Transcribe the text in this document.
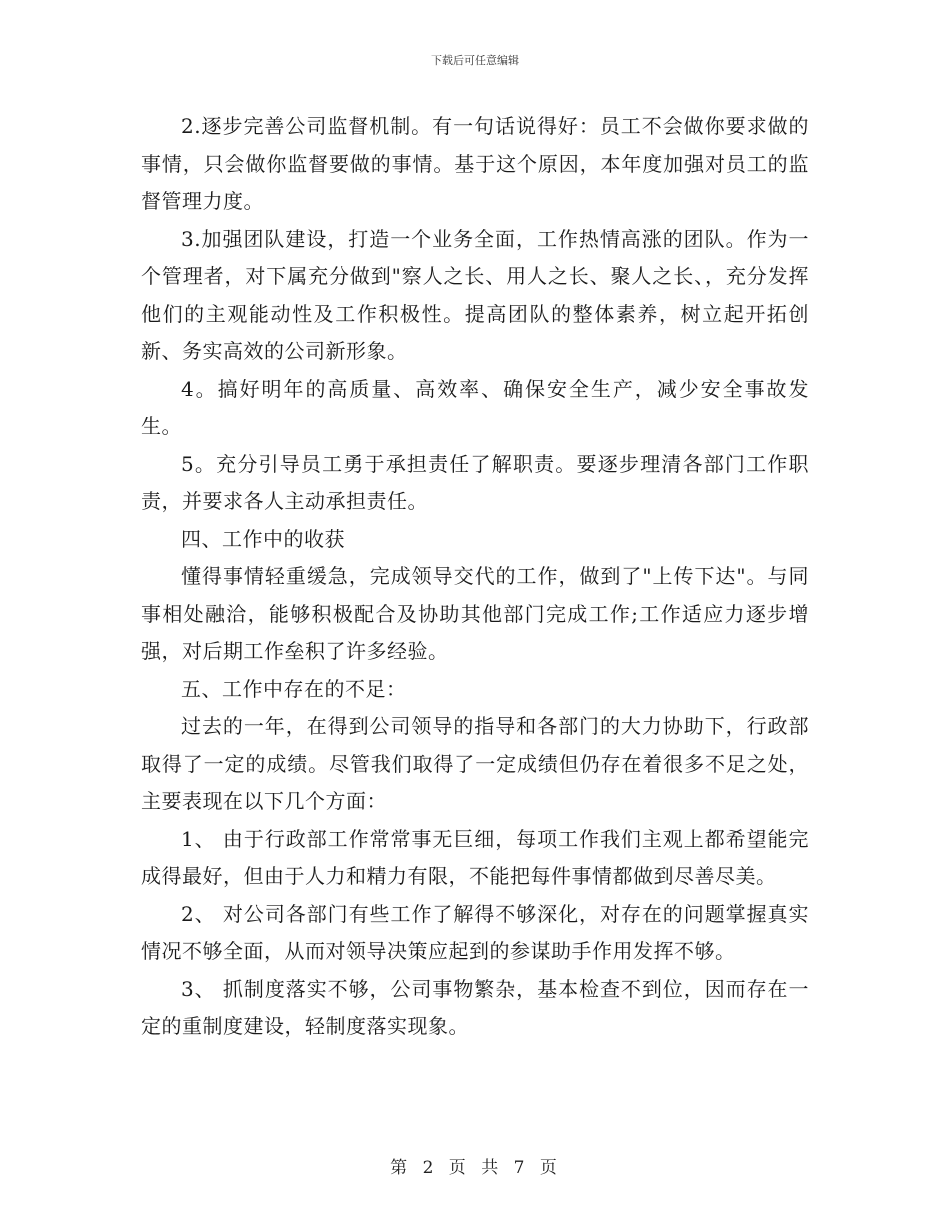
下载后可任意编辑

2.逐步完善公司监督机制。有一句话说得好：员工不会做你要求做的事情，只会做你监督要做的事情。基于这个原因，本年度加强对员工的监督管理力度。

3.加强团队建设，打造一个业务全面，工作热情高涨的团队。作为一个管理者，对下属充分做到"察人之长、用人之长、聚人之长、，充分发挥他们的主观能动性及工作积极性。提高团队的整体素养，树立起开拓创新、务实高效的公司新形象。

4。搞好明年的高质量、高效率、确保安全生产，减少安全事故发生。

5。充分引导员工勇于承担责任了解职责。要逐步理清各部门工作职责，并要求各人主动承担责任。

四、工作中的收获

懂得事情轻重缓急，完成领导交代的工作，做到了"上传下达"。与同事相处融洽，能够积极配合及协助其他部门完成工作;工作适应力逐步增强，对后期工作垒积了许多经验。

五、工作中存在的不足：

过去的一年，在得到公司领导的指导和各部门的大力协助下，行政部取得了一定的成绩。尽管我们取得了一定成绩但仍存在着很多不足之处，主要表现在以下几个方面：

1、 由于行政部工作常常事无巨细，每项工作我们主观上都希望能完成得最好，但由于人力和精力有限，不能把每件事情都做到尽善尽美。

2、 对公司各部门有些工作了解得不够深化，对存在的问题掌握真实情况不够全面，从而对领导决策应起到的参谋助手作用发挥不够。

3、 抓制度落实不够，公司事物繁杂，基本检查不到位，因而存在一定的重制度建设，轻制度落实现象。

第 2 页 共 7 页
